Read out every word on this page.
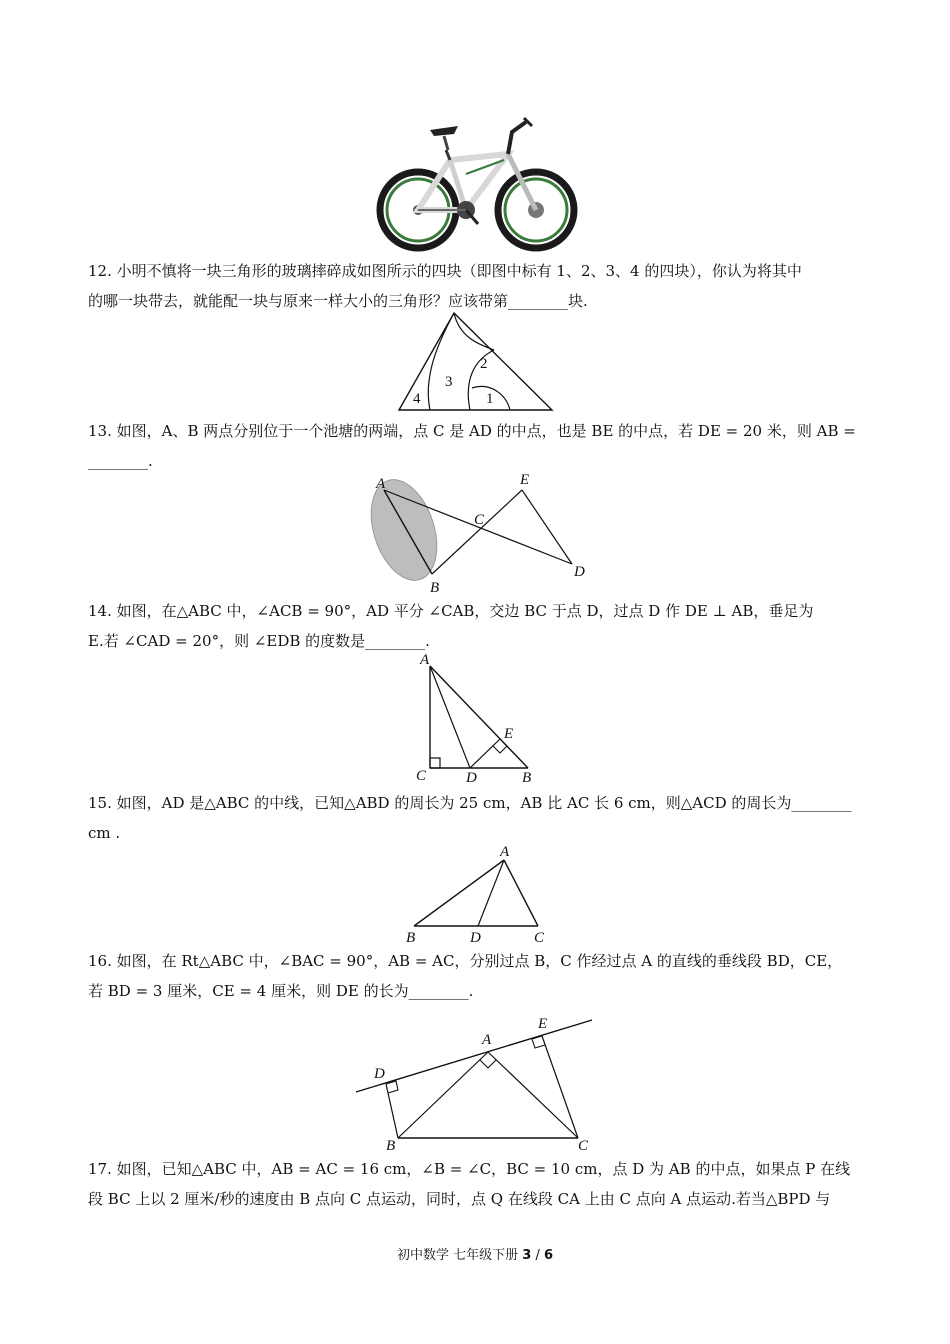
12. 小明不慎将一块三角形的玻璃摔碎成如图所示的四块（即图中标有 1、2、3、4 的四块），你认为将其中

的哪一块带去，就能配一块与原来一样大小的三角形？应该带第________块.

1
2
3
4

13. 如图，A、B 两点分别位于一个池塘的两端，点 C 是 AD 的中点，也是 BE 的中点，若 DE = 20 米，则 AB =

________.

A
B
C
D
E

14. 如图，在△ABC 中，∠ACB = 90°，AD 平分 ∠CAB，交边 BC 于点 D，过点 D 作 DE ⊥ AB，垂足为

E.若 ∠CAD = 20°，则 ∠EDB 的度数是________.

A
B
C	D
E

15. 如图，AD 是△ABC 的中线，已知△ABD 的周长为 25 cm，AB 比 AC 长 6 cm，则△ACD 的周长为________

cm .

A
B	C
D

16. 如图，在 Rt△ABC 中，∠BAC = 90°，AB = AC，分别过点 B，C 作经过点 A 的直线的垂线段 BD，CE，

若 BD = 3 厘米，CE = 4 厘米，则 DE 的长为________.

A
B	C
D
E

17. 如图，已知△ABC 中，AB = AC = 16 cm，∠B = ∠C，BC = 10 cm，点 D 为 AB 的中点，如果点 P 在线

段 BC 上以 2 厘米/秒的速度由 B 点向 C 点运动，同时，点 Q 在线段 CA 上由 C 点向 A 点运动.若当△BPD 与

初中数学 七年级下册 3 / 6
